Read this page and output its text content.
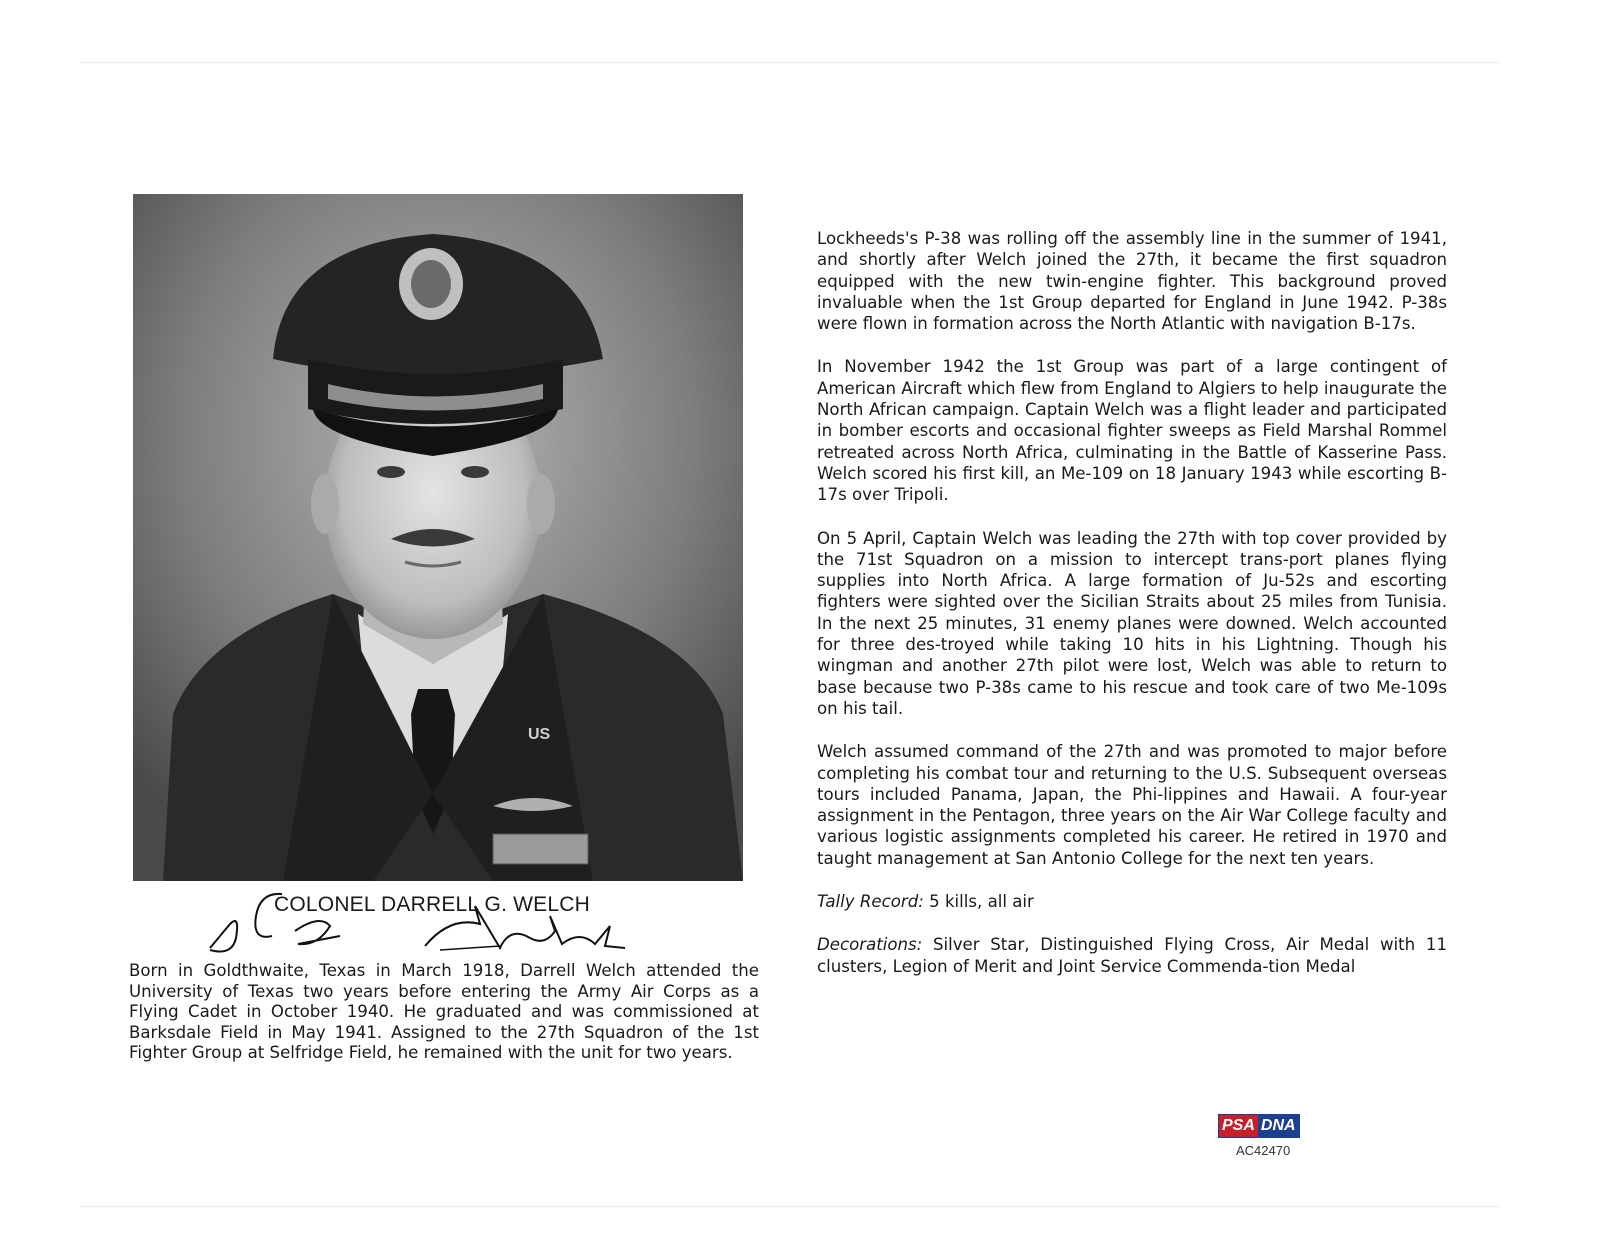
US
COLONEL DARRELL G. WELCH

Born in Goldthwaite, Texas in March 1918, Darrell Welch attended the University of Texas two years before entering the Army Air Corps as a Flying Cadet in October 1940. He graduated and was commissioned at Barksdale Field in May 1941. Assigned to the 27th Squadron of the 1st Fighter Group at Selfridge Field, he remained with the unit for two years.

Lockheeds's P-38 was rolling off the assembly line in the summer of 1941, and shortly after Welch joined the 27th, it became the first squadron equipped with the new twin-engine fighter. This background proved invaluable when the 1st Group departed for England in June 1942. P-38s were flown in formation across the North Atlantic with navigation B-17s.

In November 1942 the 1st Group was part of a large contingent of American Aircraft which flew from England to Algiers to help inaugurate the North African campaign. Captain Welch was a flight leader and participated in bomber escorts and occasional fighter sweeps as Field Marshal Rommel retreated across North Africa, culminating in the Battle of Kasserine Pass. Welch scored his first kill, an Me-109 on 18 January 1943 while escorting B-17s over Tripoli.

On 5 April, Captain Welch was leading the 27th with top cover provided by the 71st Squadron on a mission to intercept trans-port planes flying supplies into North Africa. A large formation of Ju-52s and escorting fighters were sighted over the Sicilian Straits about 25 miles from Tunisia. In the next 25 minutes, 31 enemy planes were downed. Welch accounted for three des-troyed while taking 10 hits in his Lightning. Though his wingman and another 27th pilot were lost, Welch was able to return to base because two P-38s came to his rescue and took care of two Me-109s on his tail.

Welch assumed command of the 27th and was promoted to major before completing his combat tour and returning to the U.S. Subsequent overseas tours included Panama, Japan, the Phi-lippines and Hawaii. A four-year assignment in the Pentagon, three years on the Air War College faculty and various logistic assignments completed his career. He retired in 1970 and taught management at San Antonio College for the next ten years.

Tally Record: 5 kills, all air

Decorations: Silver Star, Distinguished Flying Cross, Air Medal with 11 clusters, Legion of Merit and Joint Service Commenda-tion Medal

PSA DNA
AC42470
